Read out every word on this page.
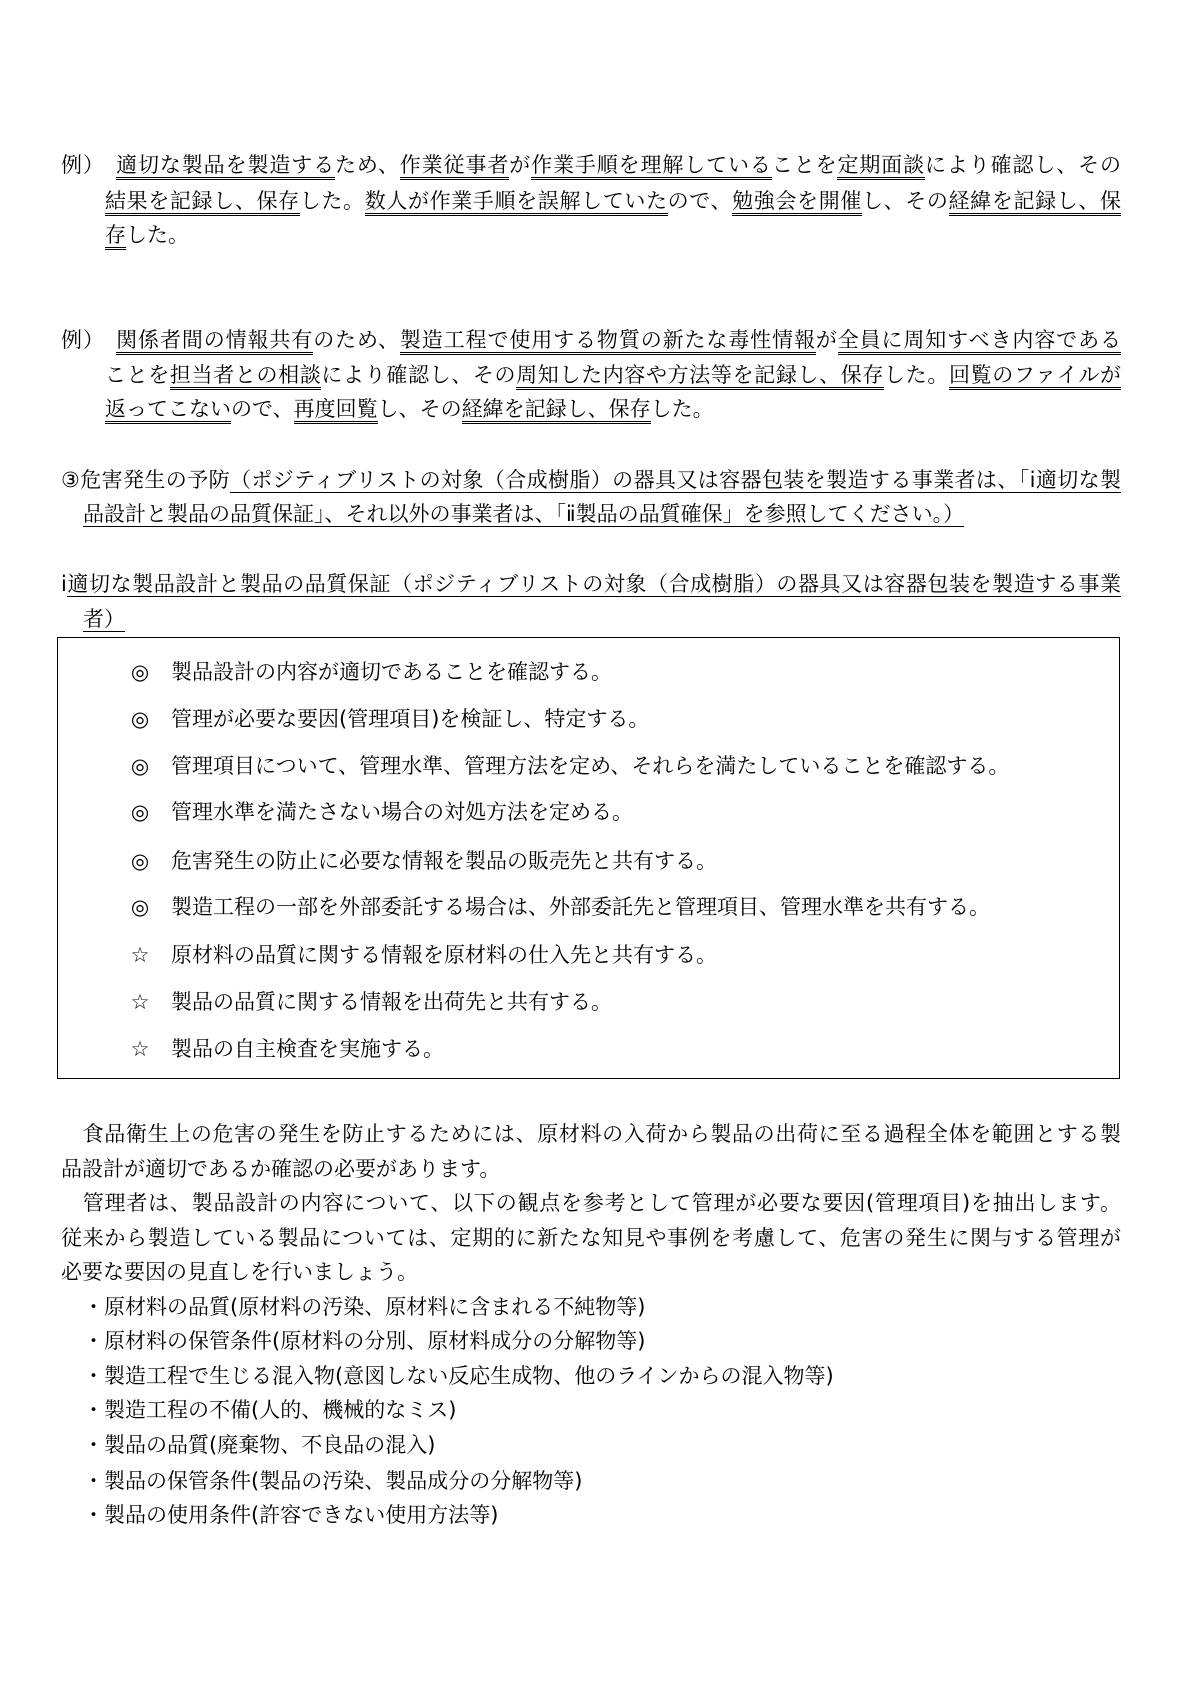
例）　 適切な製品を製造するため、作業従事者が作業手順を理解していることを定期面談により確認し、その
結果を記録し、保存した。数人が作業手順を誤解していたので、勉強会を開催し、その経緯を記録し、保
存した。
例）　 関係者間の情報共有のため、製造工程で使用する物質の新たな毒性情報が全員に周知すべき内容である
ことを担当者との相談により確認し、その周知した内容や方法等を記録し、保存した。回覧のファイルが
返ってこないので、再度回覧し、その経緯を記録し、保存した。
③危害発生の予防（ポジティブリストの対象（合成樹脂）の器具又は容器包装を製造する事業者は、「ⅰ適切な製
品設計と製品の品質保証」、それ以外の事業者は、「ⅱ製品の品質確保」を参照してください。）
ⅰ適切な製品設計と製品の品質保証（ポジティブリストの対象（合成樹脂）の器具又は容器包装を製造する事業
者）
◎ 製品設計の内容が適切であることを確認する。
◎ 管理が必要な要因(管理項目)を検証し、特定する。
◎ 管理項目について、管理水準、管理方法を定め、それらを満たしていることを確認する。
◎ 管理水準を満たさない場合の対処方法を定める。
◎ 危害発生の防止に必要な情報を製品の販売先と共有する。
◎ 製造工程の一部を外部委託する場合は、外部委託先と管理項目、管理水準を共有する。
☆ 原材料の品質に関する情報を原材料の仕入先と共有する。
☆ 製品の品質に関する情報を出荷先と共有する。
☆ 製品の自主検査を実施する。
　食品衛生上の危害の発生を防止するためには、原材料の入荷から製品の出荷に至る過程全体を範囲とする製
品設計が適切であるか確認の必要があります。
　管理者は、製品設計の内容について、以下の観点を参考として管理が必要な要因(管理項目)を抽出します。
従来から製造している製品については、定期的に新たな知見や事例を考慮して、危害の発生に関与する管理が
必要な要因の見直しを行いましょう。
・原材料の品質(原材料の汚染、原材料に含まれる不純物等)
・原材料の保管条件(原材料の分別、原材料成分の分解物等)
・製造工程で生じる混入物(意図しない反応生成物、他のラインからの混入物等)
・製造工程の不備(人的、機械的なミス)
・製品の品質(廃棄物、不良品の混入)
・製品の保管条件(製品の汚染、製品成分の分解物等)
・製品の使用条件(許容できない使用方法等)
